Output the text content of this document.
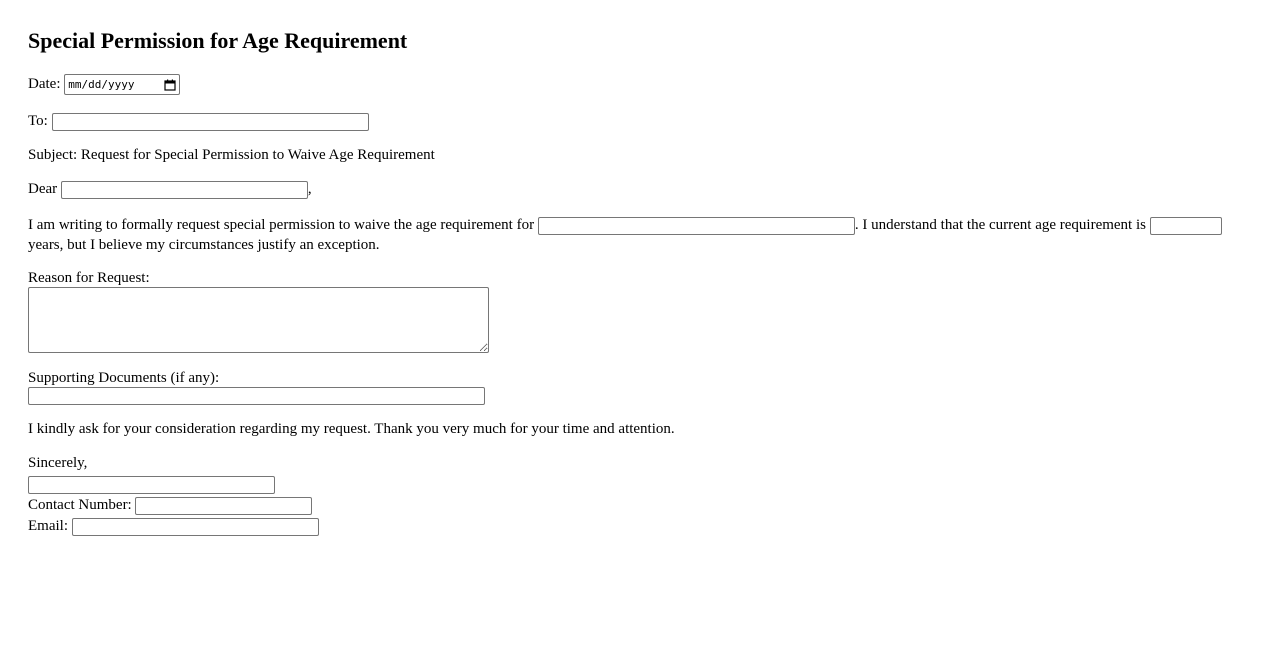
Special Permission for Age Requirement

Date: mm/dd/yyyy

To:

Subject: Request for Special Permission to Waive Age Requirement

Dear	,

I am writing to formally request special permission to waive the age requirement for	. I understand that the current age requirement is  years, but I believe my circumstances justify an exception.

Reason for Request:
Supporting Documents (if any):

I kindly ask for your consideration regarding my request. Thank you very much for your time and attention.

Sincerely,
Contact Number:
Email:
